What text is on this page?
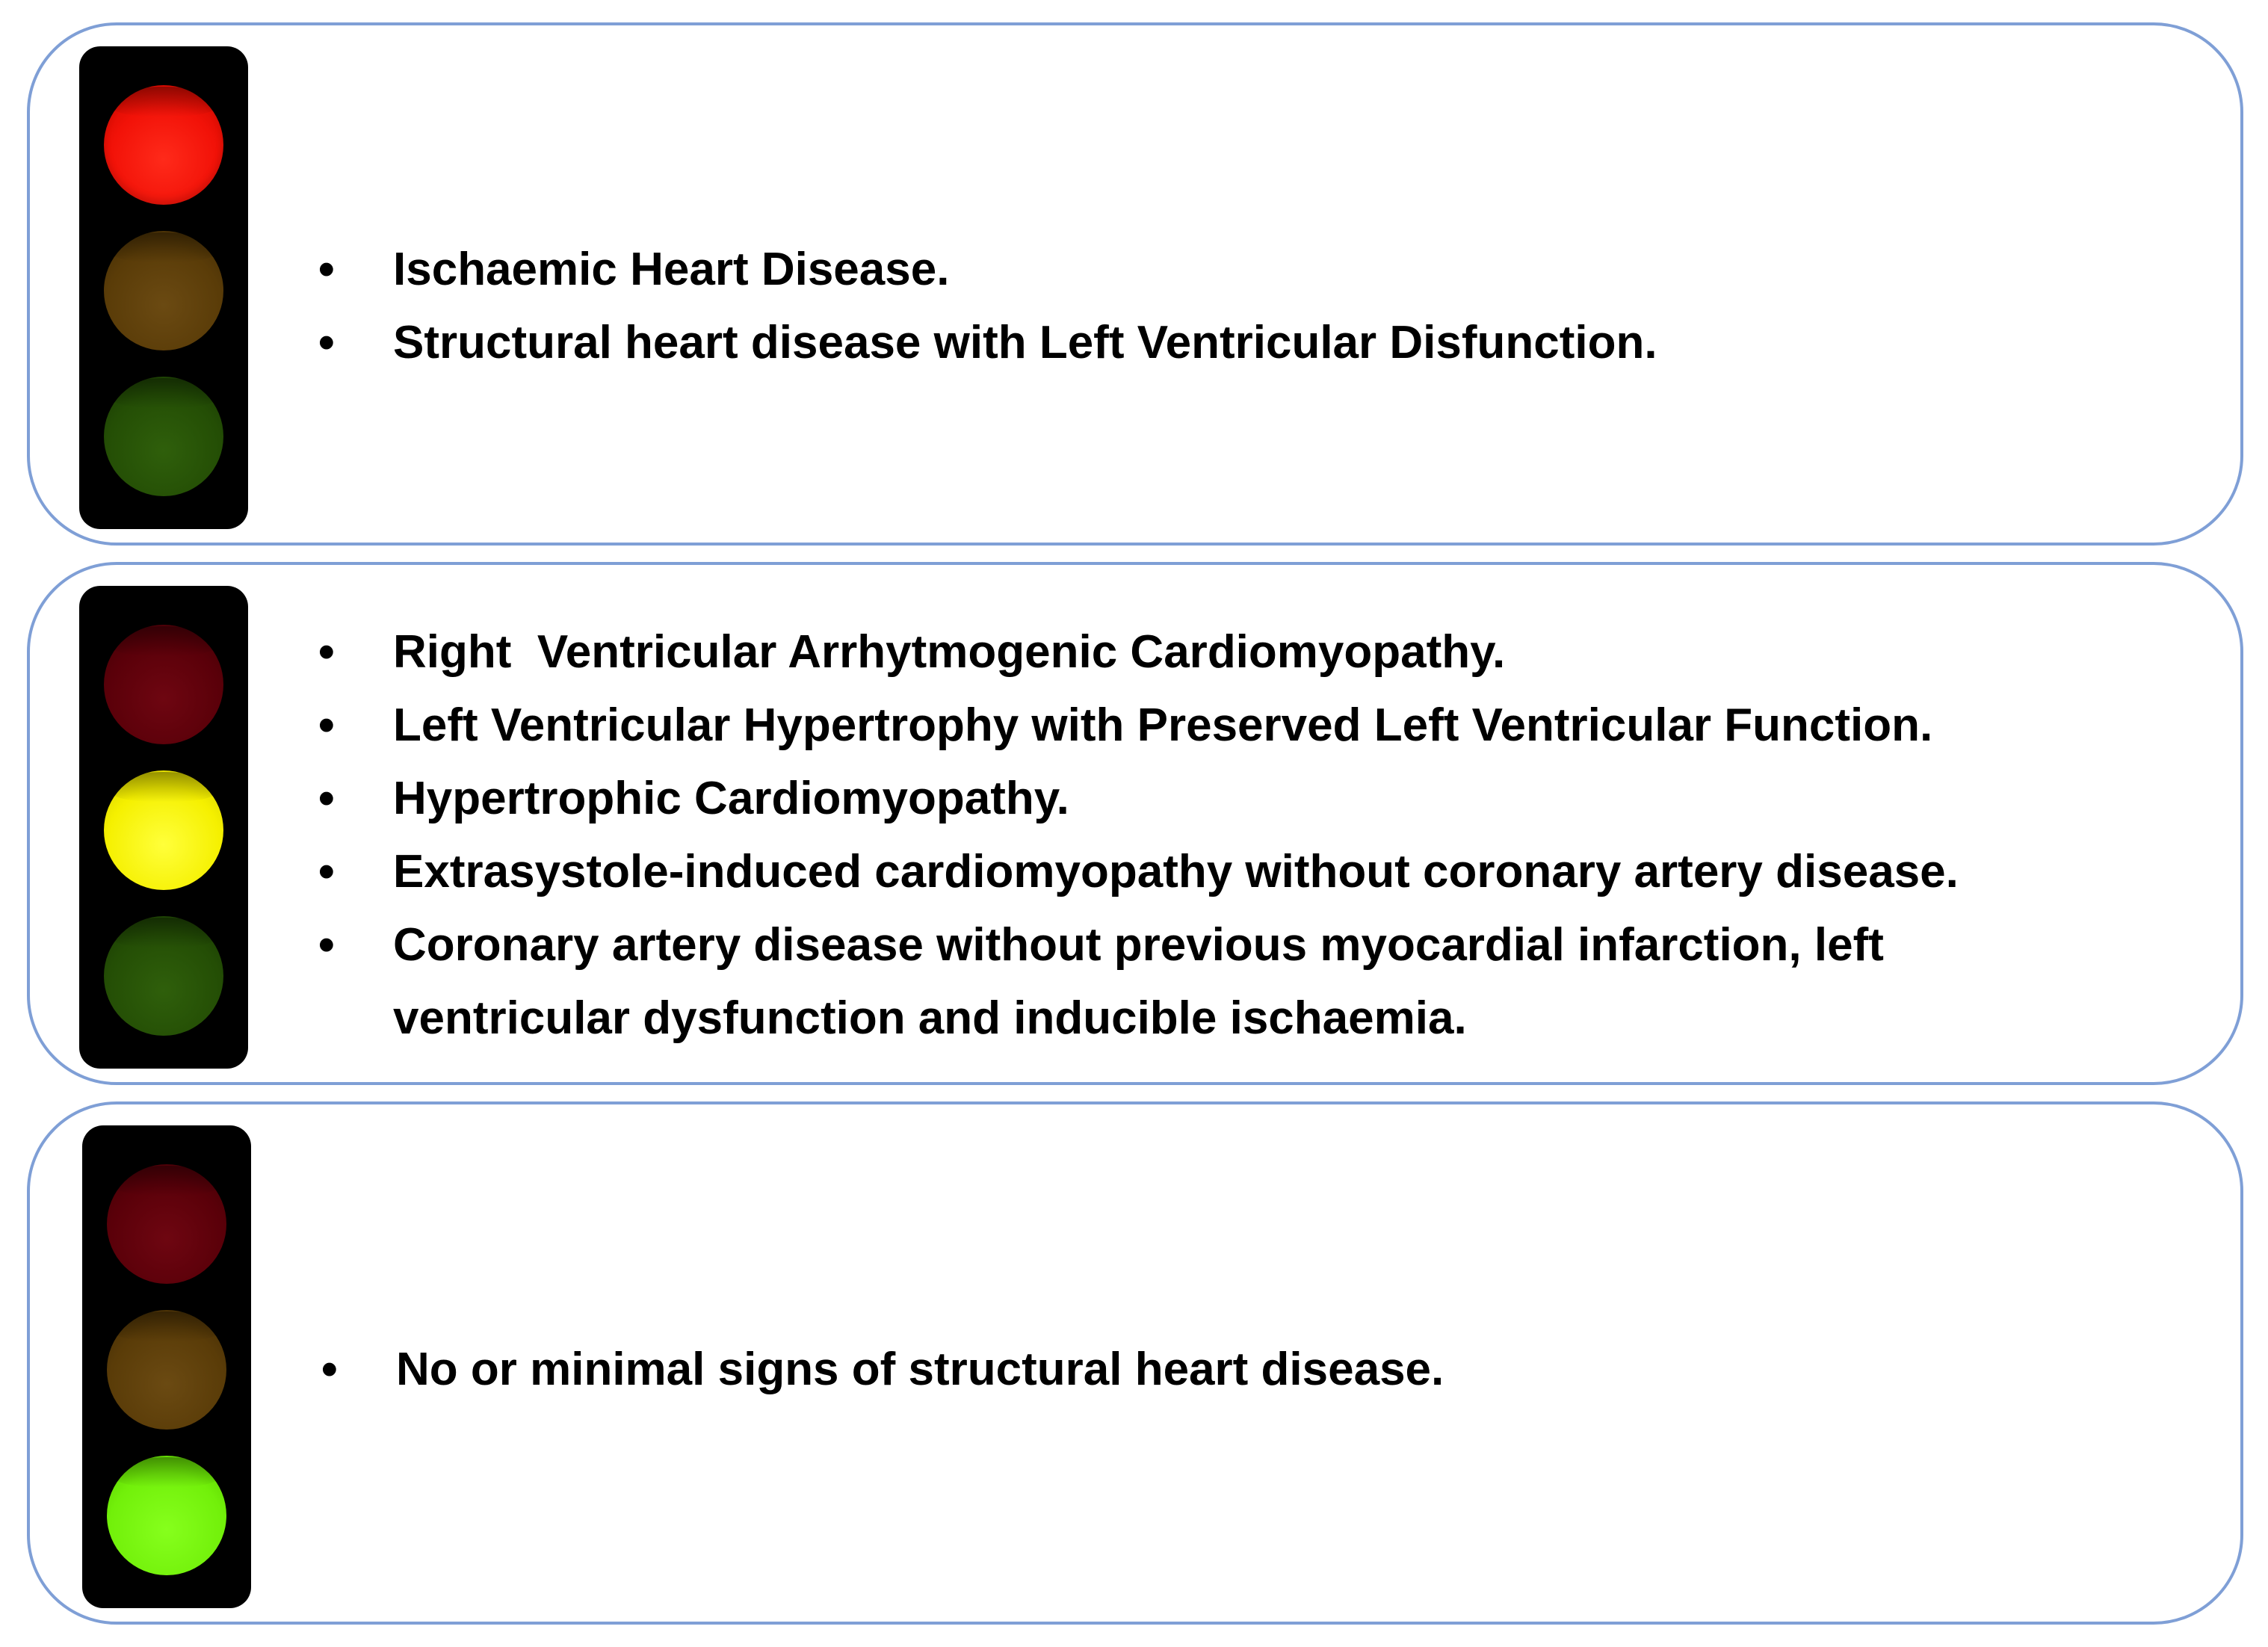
•	Ischaemic Heart Disease.
•	Structural heart disease with Left Ventricular Disfunction.
•	Right  Ventricular Arrhytmogenic Cardiomyopathy.
•	Left Ventricular Hypertrophy with Preserved Left Ventricular Function.
•	Hypertrophic Cardiomyopathy.
•	Extrasystole-induced cardiomyopathy without coronary artery disease.
•	Coronary artery disease without previous myocardial infarction, left ventricular dysfunction and inducible ischaemia.
•	No or minimal signs of structural heart disease.
